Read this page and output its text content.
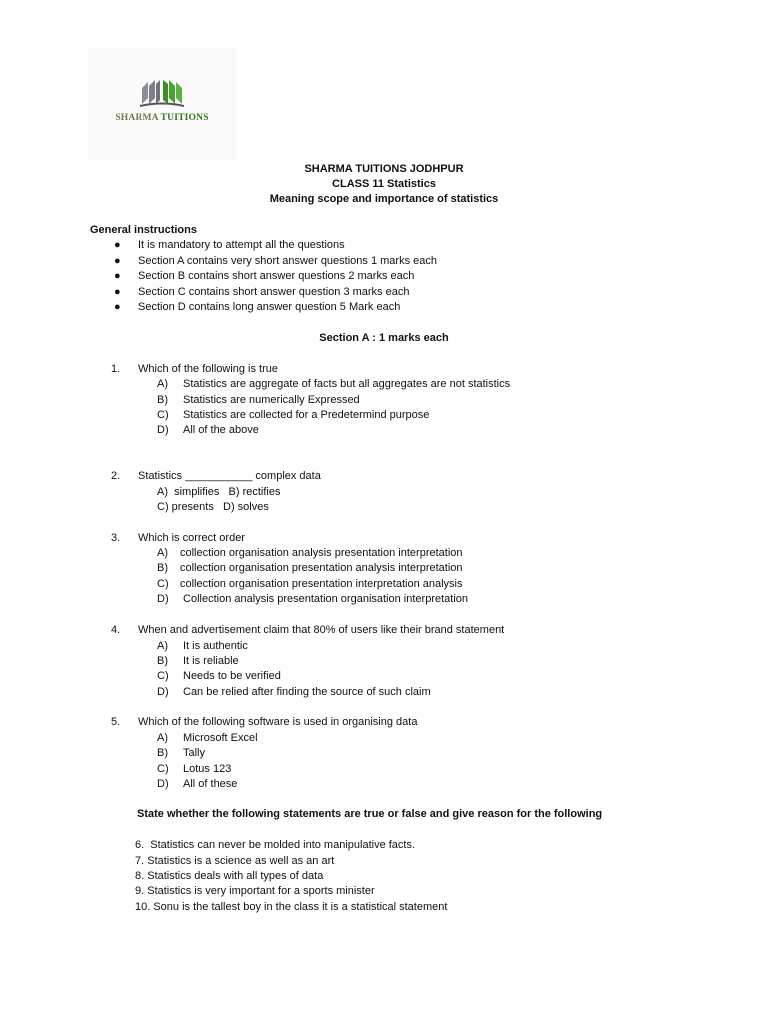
SHARMA TUITIONS
SHARMA TUITIONS JODHPUR
CLASS 11 Statistics
Meaning scope and importance of statistics
General instructions
● It is mandatory to attempt all the questions
● Section A contains very short answer questions 1 marks each
● Section B contains short answer questions 2 marks each
● Section C contains short answer question 3 marks each
● Section D contains long answer question 5 Mark each
Section A : 1 marks each
1. Which of the following is true
A) Statistics are aggregate of facts but all aggregates are not statistics
B) Statistics are numerically Expressed
C) Statistics are collected for a Predetermind purpose
D) All of the above
2. Statistics ___________ complex data
A)  simplifies   B) rectifies
C) presents   D) solves
3. Which is correct order
A) collection organisation analysis presentation interpretation
B) collection organisation presentation analysis interpretation
C) collection organisation presentation interpretation analysis
D) Collection analysis presentation organisation interpretation
4. When and advertisement claim that 80% of users like their brand statement
A) It is authentic
B) It is reliable
C) Needs to be verified
D) Can be relied after finding the source of such claim
5. Which of the following software is used in organising data
A) Microsoft Excel
B) Tally
C) Lotus 123
D) All of these
State whether the following statements are true or false and give reason for the following
6.  Statistics can never be molded into manipulative facts.
7. Statistics is a science as well as an art
8. Statistics deals with all types of data
9. Statistics is very important for a sports minister
10. Sonu is the tallest boy in the class it is a statistical statement
